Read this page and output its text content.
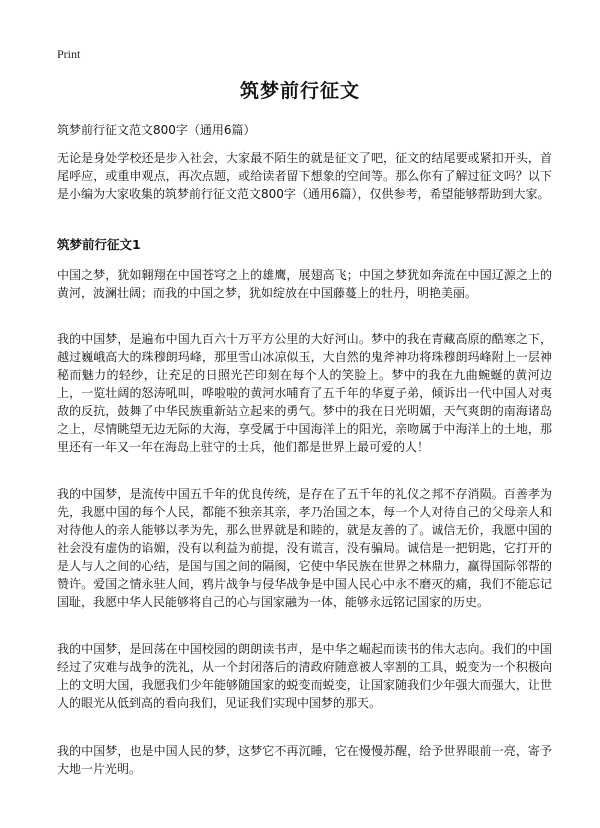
Print
筑梦前行征文

筑梦前行征文范文800字（通用6篇）

无论是身处学校还是步入社会，大家最不陌生的就是征文了吧，征文的结尾要或紧扣开头，首尾呼应，或重申观点，再次点题，或给读者留下想象的空间等。那么你有了解过征文吗？以下是小编为大家收集的筑梦前行征文范文800字（通用6篇），仅供参考，希望能够帮助到大家。

筑梦前行征文1

中国之梦，犹如翱翔在中国苍穹之上的雄鹰，展翅高飞；中国之梦犹如奔流在中国辽源之上的黄河，波澜壮阔；而我的中国之梦，犹如绽放在中国藤蔓上的牡丹，明艳美丽。

我的中国梦，是遍布中国九百六十万平方公里的大好河山。梦中的我在青藏高原的酷寒之下，越过巍峨高大的珠穆朗玛峰，那里雪山冰凉似玉，大自然的鬼斧神功将珠穆朗玛峰附上一层神秘而魅力的轻纱，让充足的日照光芒印刻在每个人的笑脸上。梦中的我在九曲蜿蜒的黄河边上，一览壮阔的怒涛吼叫，哗啦啦的黄河水哺育了五千年的华夏子弟，倾诉出一代中国人对夷敌的反抗，鼓舞了中华民族重新站立起来的勇气。梦中的我在日光明媚，天气爽朗的南海诸岛之上，尽情眺望无边无际的大海，享受属于中国海洋上的阳光，亲吻属于中海洋上的土地，那里还有一年又一年在海岛上驻守的士兵，他们都是世界上最可爱的人！

我的中国梦，是流传中国五千年的优良传统，是存在了五千年的礼仪之邦不存消陨。百善孝为先，我愿中国的每个人民，都能不独亲其亲，孝乃治国之本，每一个人对待自己的父母亲人和对待他人的亲人能够以孝为先，那么世界就是和睦的，就是友善的了。诚信无价，我愿中国的社会没有虚伪的谄媚，没有以利益为前提，没有谎言，没有骗局。诚信是一把钥匙，它打开的是人与人之间的心结，是国与国之间的隔阂，它使中华民族在世界之林鼎力，赢得国际邻帮的赞许。爱国之情永驻人间，鸦片战争与侵华战争是中国人民心中永不磨灭的痛，我们不能忘记国耻，我愿中华人民能够将自己的心与国家融为一体，能够永远铭记国家的历史。

我的中国梦，是回荡在中国校园的朗朗读书声，是中华之崛起而读书的伟大志向。我们的中国经过了灾难与战争的洗礼，从一个封闭落后的清政府随意被人宰割的工具，蜕变为一个积极向上的文明大国，我愿我们少年能够随国家的蜕变而蜕变，让国家随我们少年强大而强大，让世人的眼光从低到高的看向我们，见证我们实现中国梦的那天。

我的中国梦，也是中国人民的梦，这梦它不再沉睡，它在慢慢苏醒，给予世界眼前一亮，寄予大地一片光明。
